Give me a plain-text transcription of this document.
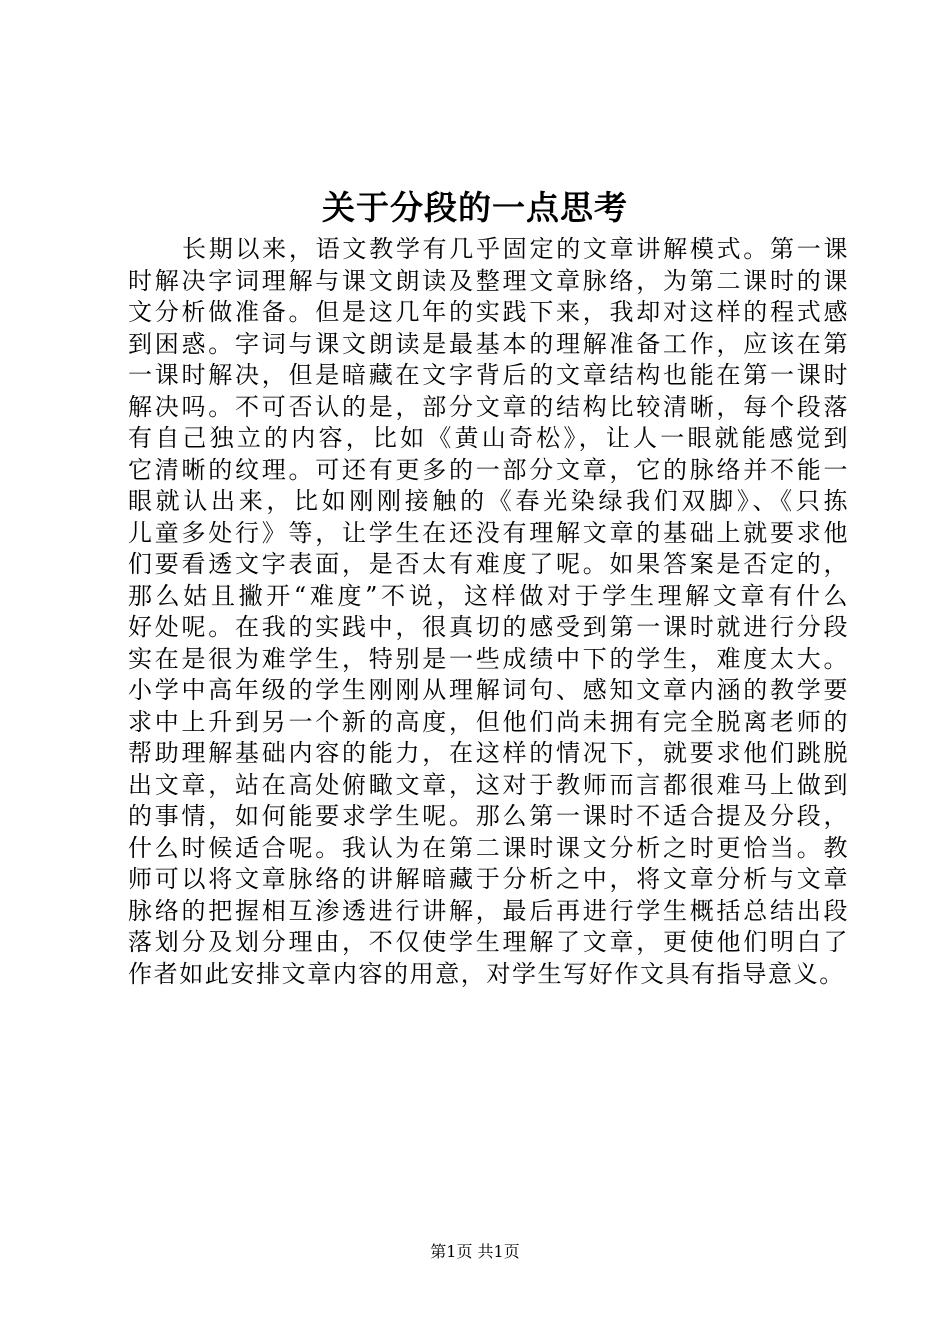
关于分段的一点思考
长期以来，语文教学有几乎固定的文章讲解模式。第一课
时解决字词理解与课文朗读及整理文章脉络，为第二课时的课
文分析做准备。但是这几年的实践下来，我却对这样的程式感
到困惑。字词与课文朗读是最基本的理解准备工作，应该在第
一课时解决，但是暗藏在文字背后的文章结构也能在第一课时
解决吗。不可否认的是，部分文章的结构比较清晰，每个段落
有自己独立的内容，比如《黄山奇松》，让人一眼就能感觉到
它清晰的纹理。可还有更多的一部分文章，它的脉络并不能一
眼就认出来，比如刚刚接触的《春光染绿我们双脚》、《只拣
儿童多处行》等，让学生在还没有理解文章的基础上就要求他
们要看透文字表面，是否太有难度了呢。如果答案是否定的，
那么姑且撇开“难度”不说，这样做对于学生理解文章有什么
好处呢。在我的实践中，很真切的感受到第一课时就进行分段
实在是很为难学生，特别是一些成绩中下的学生，难度太大。
小学中高年级的学生刚刚从理解词句、感知文章内涵的教学要
求中上升到另一个新的高度，但他们尚未拥有完全脱离老师的
帮助理解基础内容的能力，在这样的情况下，就要求他们跳脱
出文章，站在高处俯瞰文章，这对于教师而言都很难马上做到
的事情，如何能要求学生呢。那么第一课时不适合提及分段，
什么时候适合呢。我认为在第二课时课文分析之时更恰当。教
师可以将文章脉络的讲解暗藏于分析之中，将文章分析与文章
脉络的把握相互渗透进行讲解，最后再进行学生概括总结出段
落划分及划分理由，不仅使学生理解了文章，更使他们明白了
作者如此安排文章内容的用意，对学生写好作文具有指导意义。
第1页 共1页
